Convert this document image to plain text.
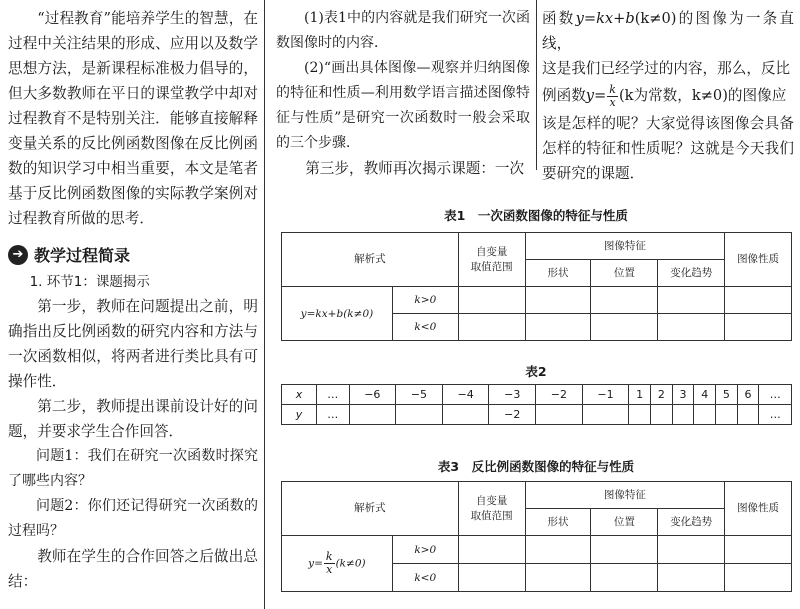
“过程教育”能培养学生的智慧，在过程中关注结果的形成、应用以及数学思想方法，是新课程标准极力倡导的，但大多数教师在平日的课堂教学中却对过程教育不是特别关注．能够直接解释变量关系的反比例函数图像在反比例函数的知识学习中相当重要，本文是笔者基于反比例函数图像的实际教学案例对过程教育所做的思考．

➔ 教学过程简录
1. 环节1：课题揭示

第一步，教师在问题提出之前，明确指出反比例函数的研究内容和方法与一次函数相似，将两者进行类比具有可操作性．

第二步，教师提出课前设计好的问题，并要求学生合作回答．

问题1：我们在研究一次函数时探究了哪些内容？

问题2：你们还记得研究一次函数的过程吗？

教师在学生的合作回答之后做出总结：

(1)表1中的内容就是我们研究一次函数图像时的内容．

(2)“画出具体图像—观察并归纳图像的特征和性质—利用数学语言描述图像特征与性质”是研究一次函数时一般会采取的三个步骤．

第三步，教师再次揭示课题：一次

函数y=kx+b(k≠0)的图像为一条直线，

这是我们已经学过的内容，那么，反比

例函数$y= \frac{k}{x} (k$为常数，k≠0)的图像应

该是怎样的呢？大家觉得该图像会具备怎样的特征和性质呢？这就是今天我们要研究的课题．

表1　一次函数图像的特征与性质
解析式		自变量
取值范围	图像特征			图像性质
			形状	位置	变化趋势	
y=kx+b(k≠0)	k>0					
	k<0					
表2
x	…	−6	−5	−4	−3	−2	−1	1	2	3	4	5	6	…
y	…				−2									…
表3　反比例函数图像的特征与性质
解析式		自变量
取值范围	图像特征			图像性质
			形状	位置	变化趋势	
$y= \frac{k}{x} (k\ne 0)$	k>0					
	k<0					
